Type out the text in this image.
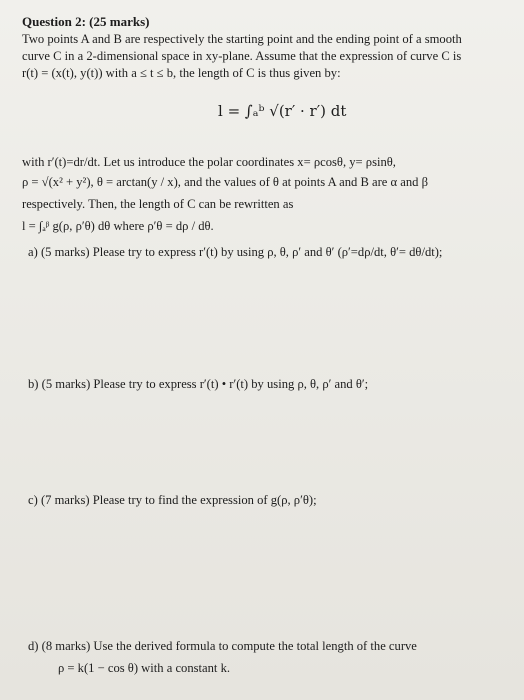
Question 2: (25 marks)
Two points A and B are respectively the starting point and the ending point of a smooth
curve C in a 2-dimensional space in xy-plane. Assume that the expression of curve C is
r(t) = (x(t), y(t)) with a ≤ t ≤ b, the length of C is thus given by:
l = ∫ₐᵇ √(r′ · r′) dt
with r′(t)=dr/dt. Let us introduce the polar coordinates x= ρcosθ, y= ρsinθ,
ρ = √(x² + y²), θ = arctan(y / x), and the values of θ at points A and B are α and β
respectively. Then, the length of C can be rewritten as
l = ∫ₐᵝ g(ρ, ρ′θ) dθ where ρ′θ = dρ / dθ.
a) (5 marks) Please try to express r′(t) by using ρ, θ, ρ′ and θ′ (ρ′=dρ/dt, θ′= dθ/dt);
b) (5 marks) Please try to express r′(t) • r′(t) by using ρ, θ, ρ′ and θ′;
c) (7 marks) Please try to find the expression of g(ρ, ρ′θ);
d) (8 marks) Use the derived formula to compute the total length of the curve
ρ = k(1 − cos θ) with a constant k.
